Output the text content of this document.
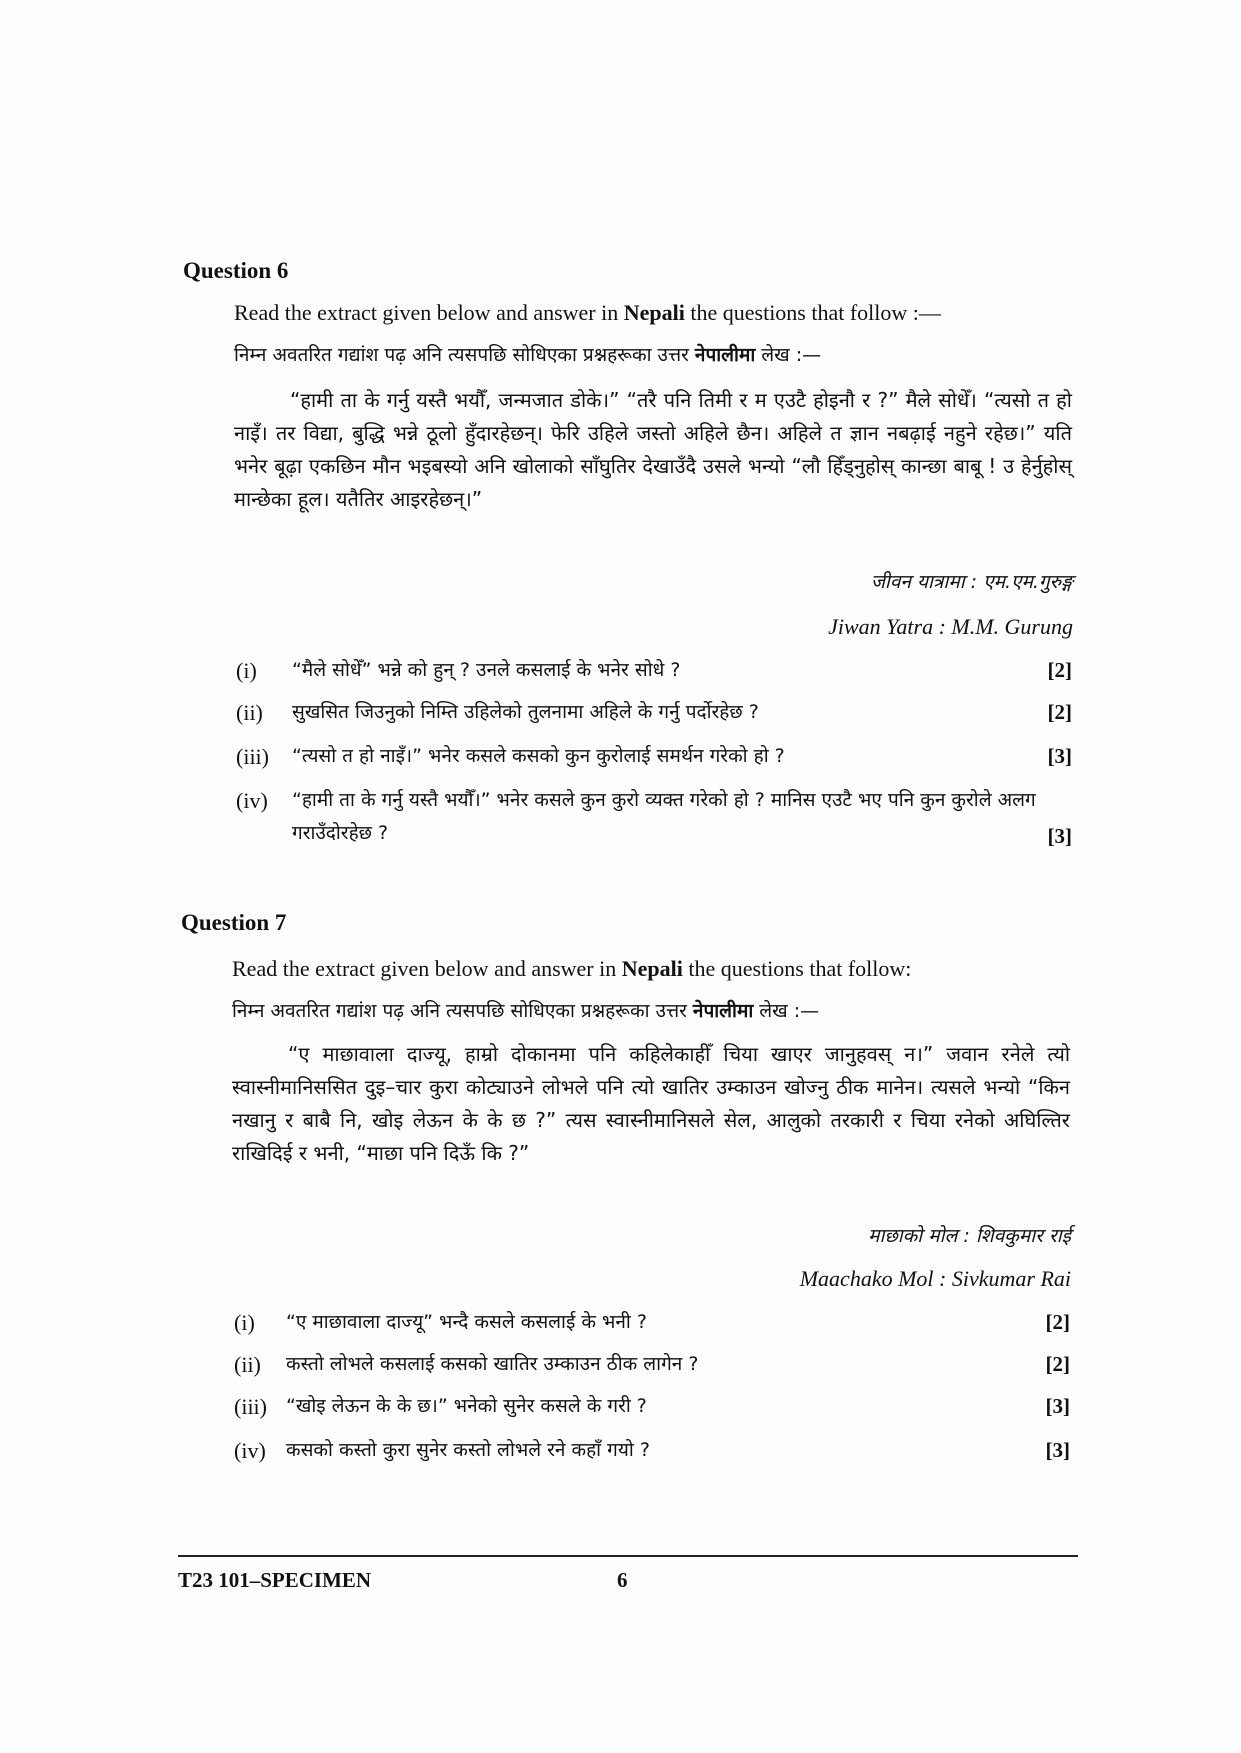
Question 6
Read the extract given below and answer in Nepali the questions that follow :—
निम्न अवतरित गद्यांश पढ़ अनि त्यसपछि सोधिएका प्रश्नहरूका उत्तर नेपालीमा लेख :—
“हामी ता के गर्नु यस्तै भयौँ, जन्मजात डोके।” “तरै पनि तिमी र म एउटै होइनौ र ?” मैले सोधेँ। “त्यसो त हो नाइँ। तर विद्या, बुद्धि भन्ने ठूलो हुँदारहेछन्। फेरि उहिले जस्तो अहिले छैन। अहिले त ज्ञान नबढ़ाई नहुने रहेछ।” यति भनेर बूढ़ा एकछिन मौन भइबस्यो अनि खोलाको साँघुतिर देखाउँदै उसले भन्यो “लौ हिँड्नुहोस् कान्छा बाबू ! उ हेर्नुहोस् मान्छेका हूल। यतैतिर आइरहेछन्।”
जीवन यात्रामा : एम.एम.गुरुङ्ग
Jiwan Yatra : M.M. Gurung
(i) “मैले सोधेँ” भन्ने को हुन् ? उनले कसलाई के भनेर सोधे ?	[2]
(ii) सुखसित जिउनुको निम्ति उहिलेको तुलनामा अहिले के गर्नु पर्दोरहेछ ?	[2]
(iii) “त्यसो त हो नाइँ।” भनेर कसले कसको कुन कुरोलाई समर्थन गरेको हो ?	[3]
(iv) “हामी ता के गर्नु यस्तै भयौँ।” भनेर कसले कुन कुरो व्यक्त गरेको हो ? मानिस एउटै भए पनि कुन कुरोले अलग गराउँदोरहेछ ?	[3]
Question 7
Read the extract given below and answer in Nepali the questions that follow:
निम्न अवतरित गद्यांश पढ़ अनि त्यसपछि सोधिएका प्रश्नहरूका उत्तर नेपालीमा लेख :—
“ए माछावाला दाज्यू, हाम्रो दोकानमा पनि कहिलेकाहीँ चिया खाएर जानुहवस् न।” जवान रनेले त्यो स्वास्नीमानिससित दुइ–चार कुरा कोट्याउने लोभले पनि त्यो खातिर उम्काउन खोज्नु ठीक मानेन। त्यसले भन्यो “किन नखानु र बाबै नि, खोइ लेऊन के के छ ?” त्यस स्वास्नीमानिसले सेल, आलुको तरकारी र चिया रनेको अघिल्तिर राखिदिई र भनी, “माछा पनि दिऊँ कि ?”
माछाको मोल : शिवकुमार राई
Maachako Mol : Sivkumar Rai
(i) “ए माछावाला दाज्यू” भन्दै कसले कसलाई के भनी ?	[2]
(ii) कस्तो लोभले कसलाई कसको खातिर उम्काउन ठीक लागेन ?	[2]
(iii) “खोइ लेऊन के के छ।” भनेको सुनेर कसले के गरी ?	[3]
(iv) कसको कस्तो कुरा सुनेर कस्तो लोभले रने कहाँ गयो ?	[3]
T23 101–SPECIMEN	6
